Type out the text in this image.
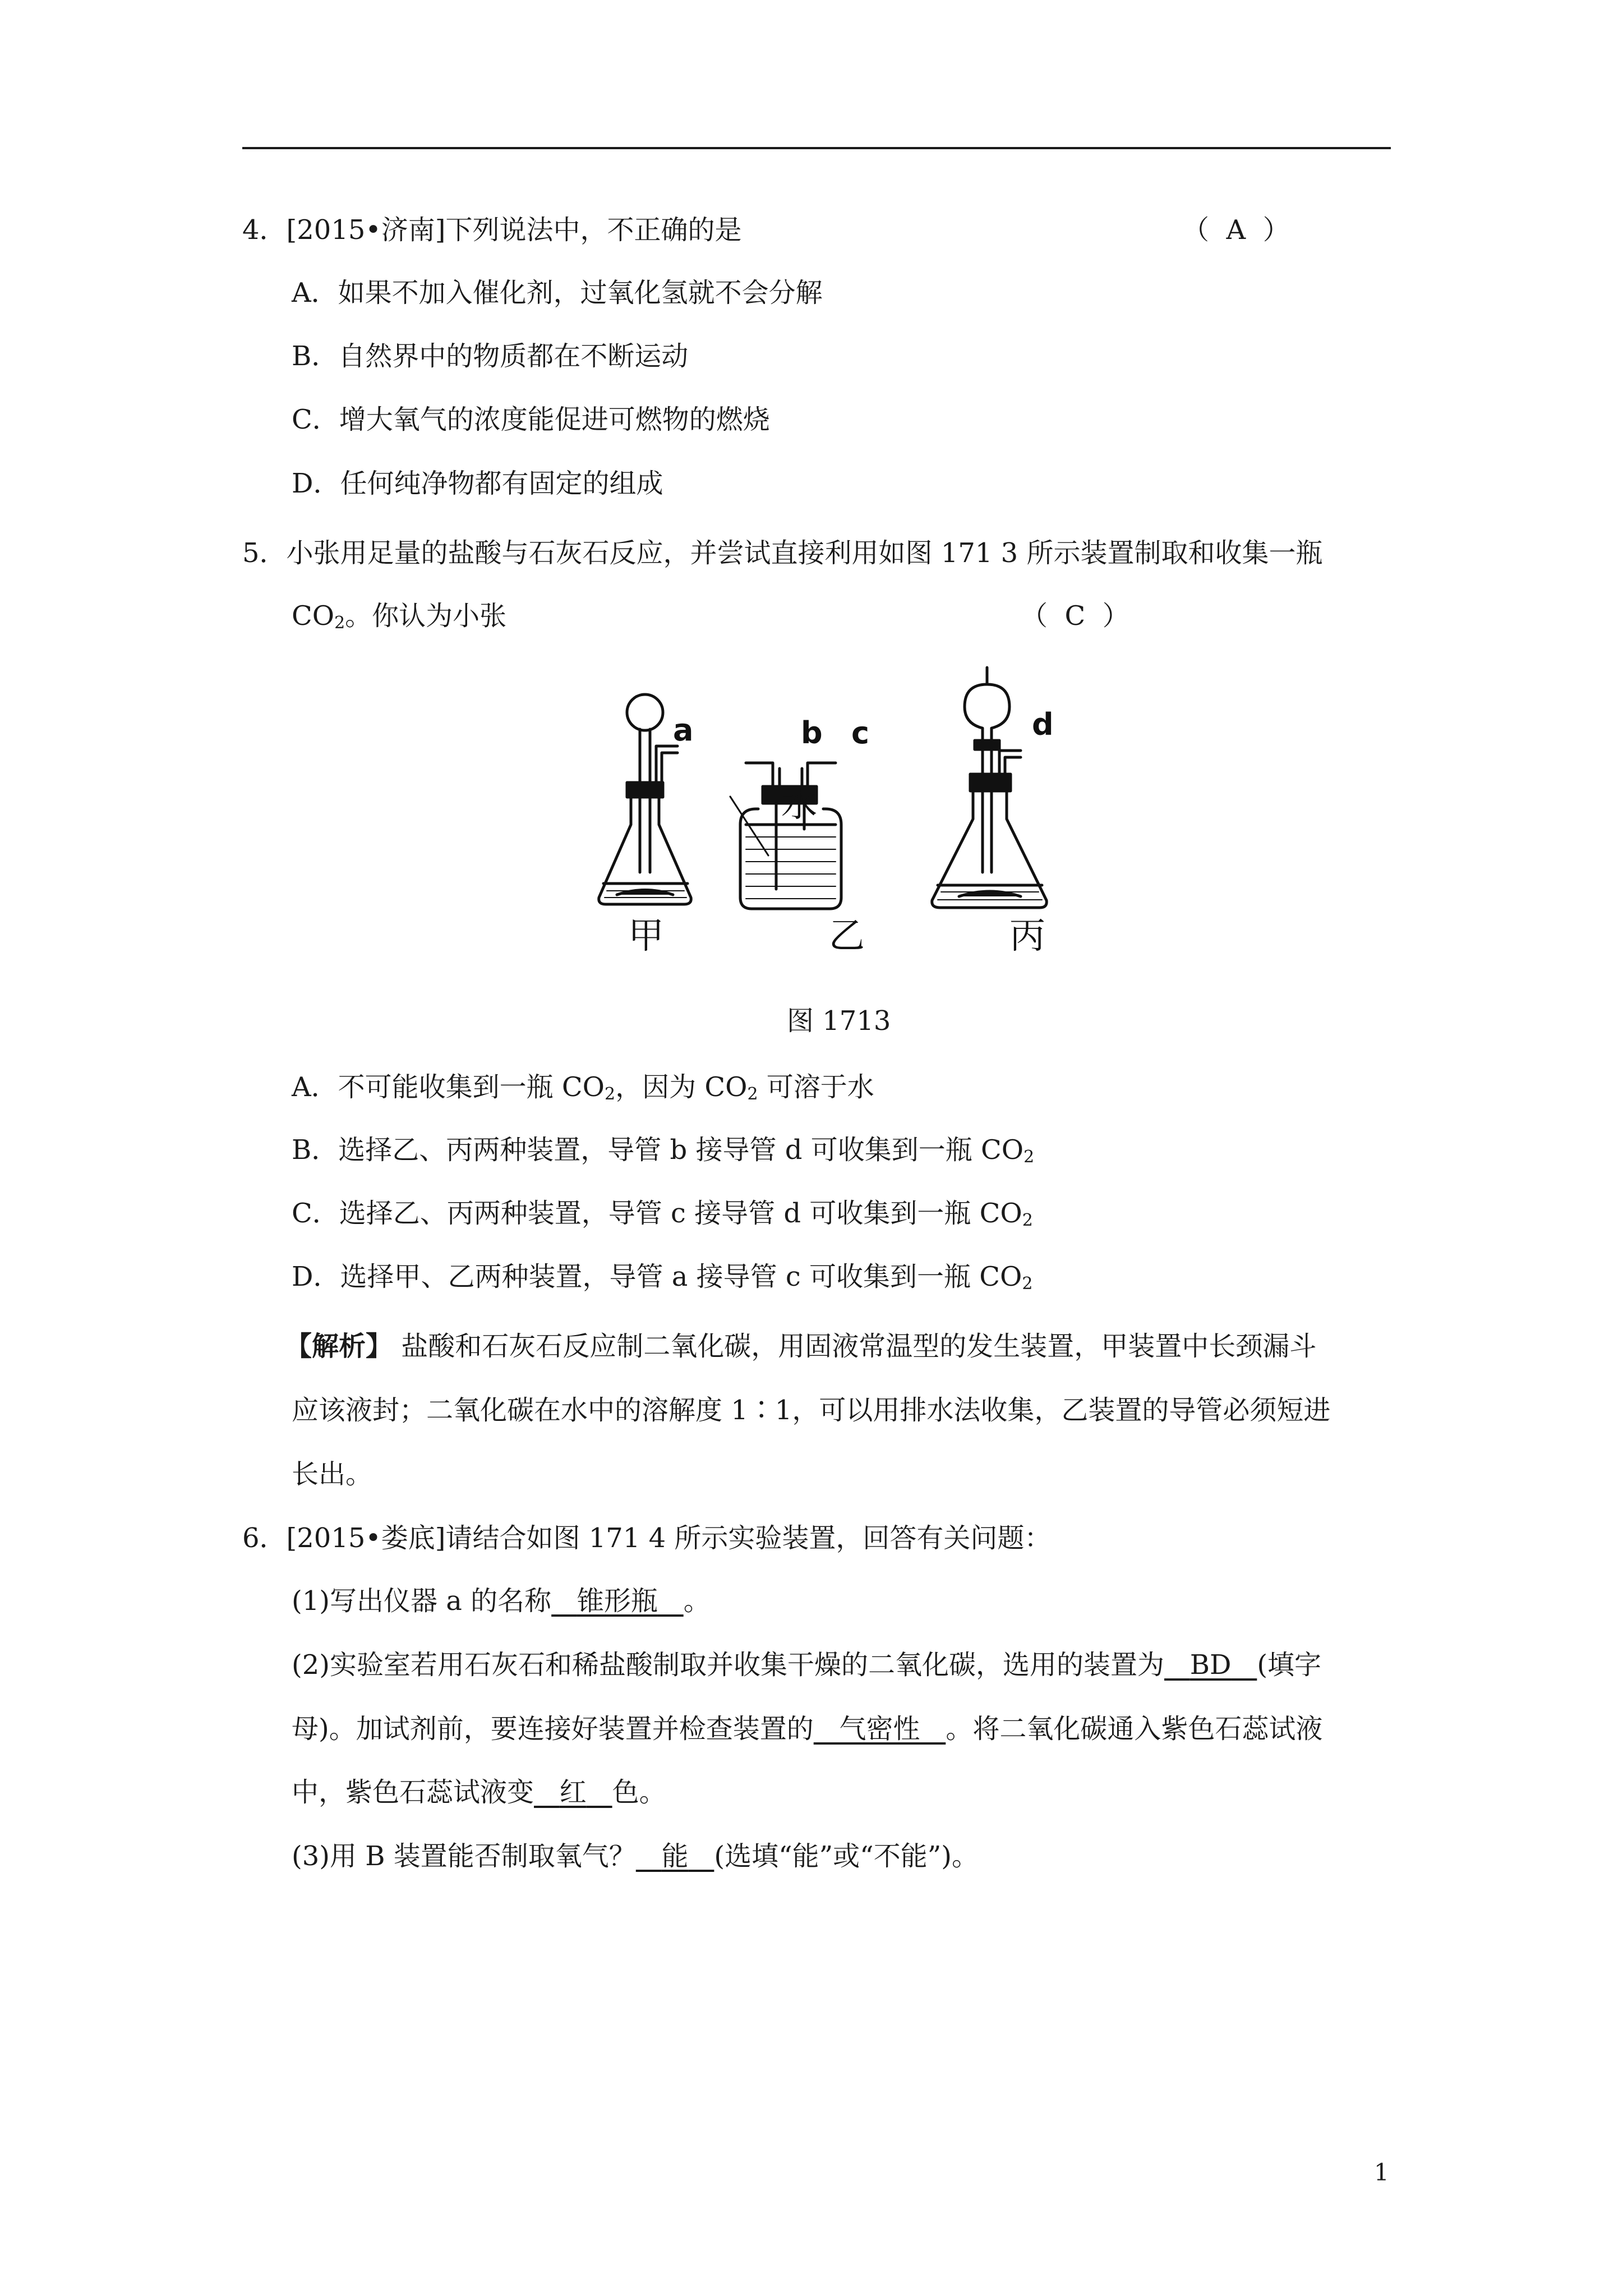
4．[2015•济南]下列说法中，不正确的是	（  A  ）
A．如果不加入催化剂，过氧化氢就不会分解
B．自然界中的物质都在不断运动
C．增大氧气的浓度能促进可燃物的燃烧
D．任何纯净物都有固定的组成
5．小张用足量的盐酸与石灰石反应，并尝试直接利用如图 171 3 所示装置制取和收集一瓶
$CO_2$。你认为小张	（  C  ）
a	b c	d
水
甲	乙	丙
图 1713
A．不可能收集到一瓶 $CO_2$，因为 $CO_2$ 可溶于水
B．选择乙、丙两种装置，导管 b 接导管 d 可收集到一瓶 $CO_2$
C．选择乙、丙两种装置，导管 c 接导管 d 可收集到一瓶 $CO_2$
D．选择甲、乙两种装置，导管 a 接导管 c 可收集到一瓶 $CO_2$
【解析】 盐酸和石灰石反应制二氧化碳，用固液常温型的发生装置，甲装置中长颈漏斗
应该液封；二氧化碳在水中的溶解度 1∶1，可以用排水法收集，乙装置的导管必须短进
长出。
6．[2015•娄底]请结合如图 171 4 所示实验装置，回答有关问题：
(1)写出仪器 a 的名称 锥形瓶 。
(2)实验室若用石灰石和稀盐酸制取并收集干燥的二氧化碳，选用的装置为 BD (填字
母)。加试剂前，要连接好装置并检查装置的 气密性 。将二氧化碳通入紫色石蕊试液
中，紫色石蕊试液变 红 色。
(3)用 B 装置能否制取氧气？ 能 (选填“能”或“不能”)。
1
